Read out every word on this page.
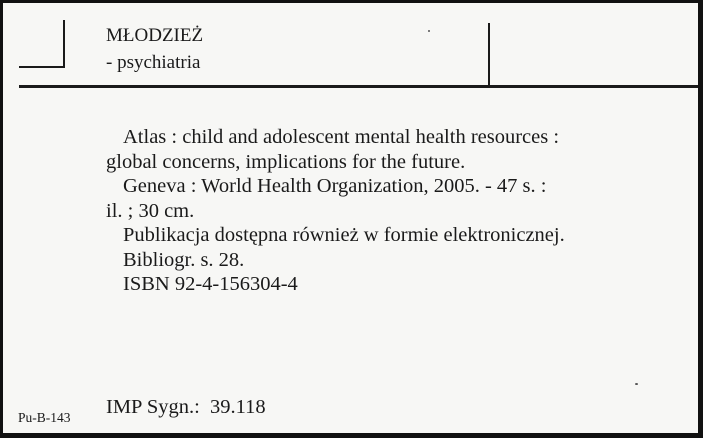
MŁODZIEŻ
- psychiatria
Atlas : child and adolescent mental health resources :
global concerns, implications for the future.
Geneva : World Health Organization, 2005. - 47 s. :
il. ; 30 cm.
Publikacja dostępna również w formie elektronicznej.
Bibliogr. s. 28.
ISBN 92-4-156304-4
Pu-B-143 IMP Sygn.:  39.118
